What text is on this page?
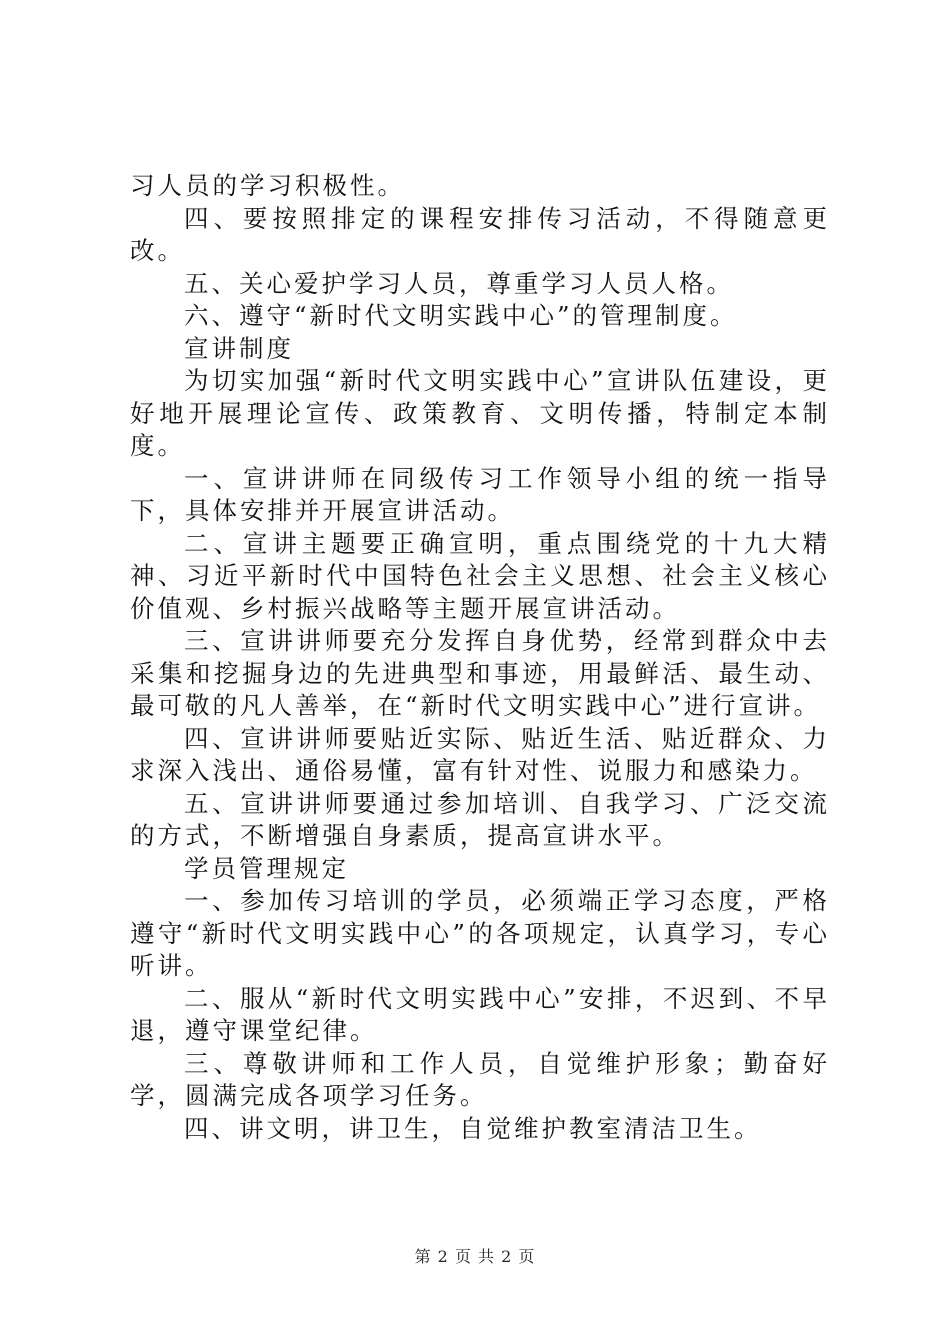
习人员的学习积极性。

四、要按照排定的课程安排传习活动，不得随意更改。

五、关心爱护学习人员，尊重学习人员人格。

六、遵守“新时代文明实践中心”的管理制度。

宣讲制度

为切实加强“新时代文明实践中心”宣讲队伍建设，更好地开展理论宣传、政策教育、文明传播，特制定本制度。

一、宣讲讲师在同级传习工作领导小组的统一指导下，具体安排并开展宣讲活动。

二、宣讲主题要正确宣明，重点围绕党的十九大精神、习近平新时代中国特色社会主义思想、社会主义核心价值观、乡村振兴战略等主题开展宣讲活动。

三、宣讲讲师要充分发挥自身优势，经常到群众中去采集和挖掘身边的先进典型和事迹，用最鲜活、最生动、最可敬的凡人善举，在“新时代文明实践中心”进行宣讲。

四、宣讲讲师要贴近实际、贴近生活、贴近群众、力求深入浅出、通俗易懂，富有针对性、说服力和感染力。

五、宣讲讲师要通过参加培训、自我学习、广泛交流的方式，不断增强自身素质，提高宣讲水平。

学员管理规定

一、参加传习培训的学员，必须端正学习态度，严格遵守“新时代文明实践中心”的各项规定，认真学习，专心听讲。

二、服从“新时代文明实践中心”安排，不迟到、不早退，遵守课堂纪律。

三、尊敬讲师和工作人员，自觉维护形象；勤奋好学，圆满完成各项学习任务。

四、讲文明，讲卫生，自觉维护教室清洁卫生。

第 2 页 共 2 页
